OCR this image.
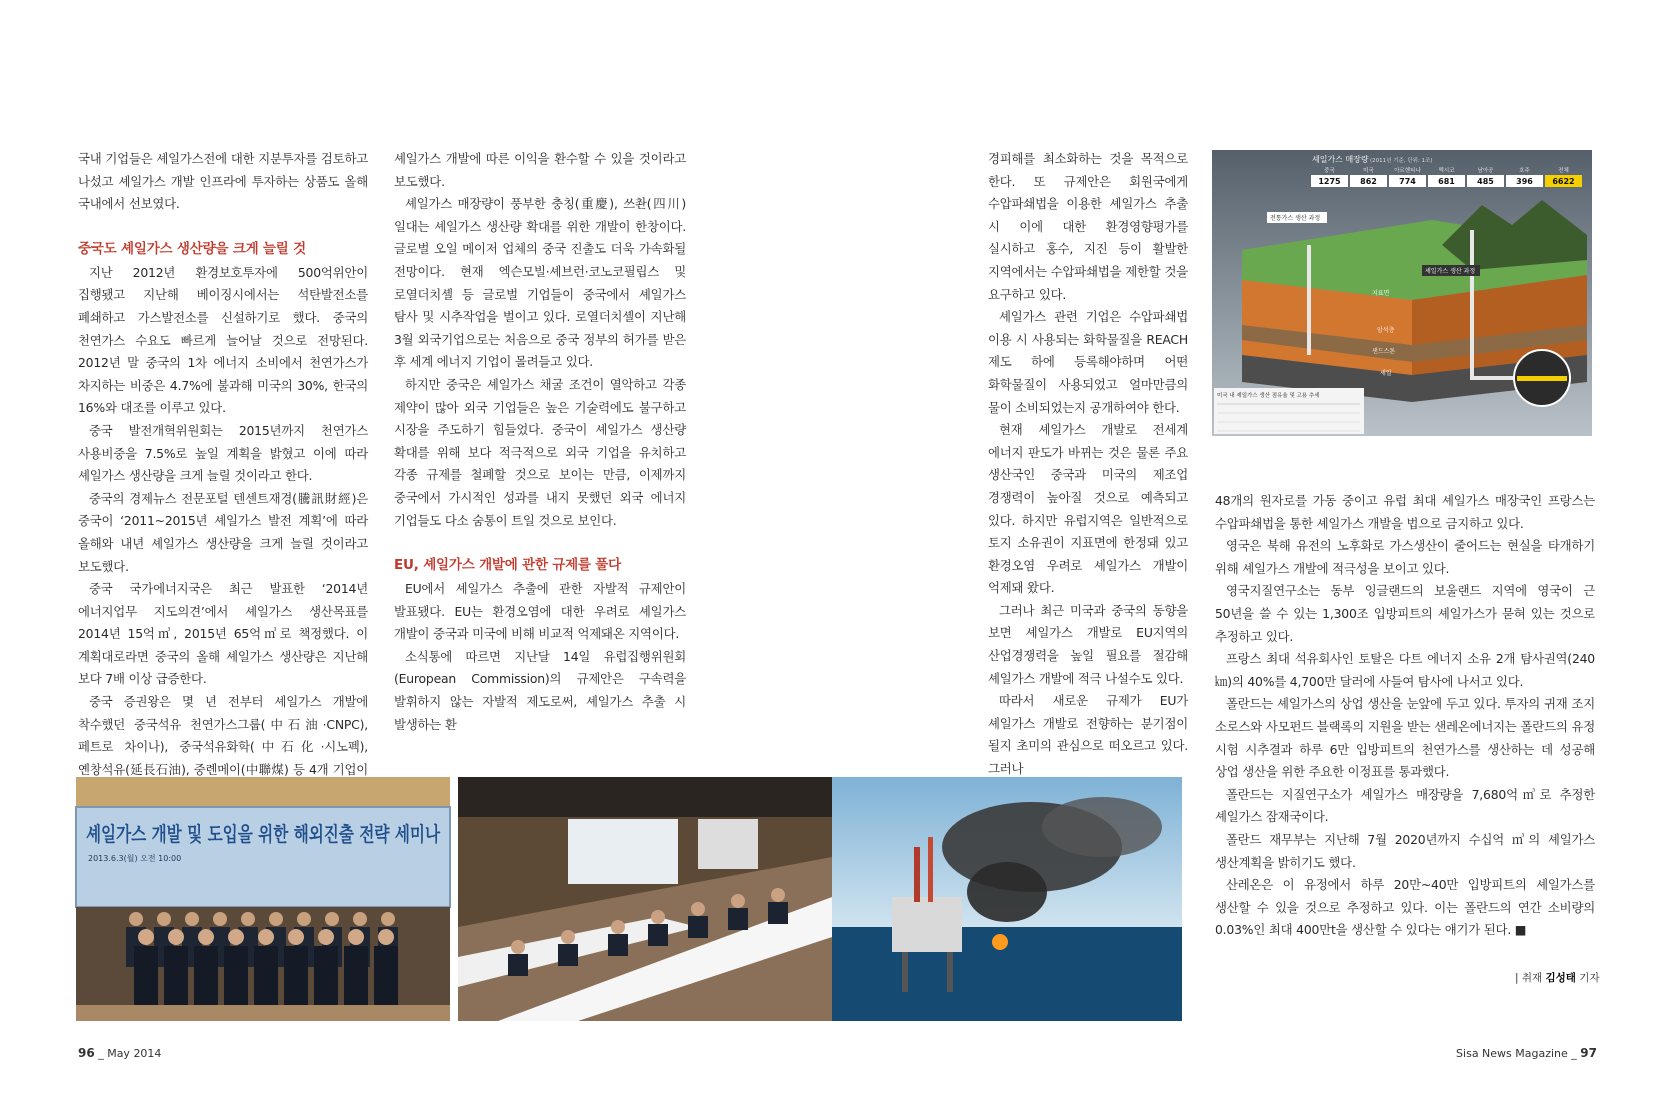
국내 기업들은 셰일가스전에 대한 지분투자를 검토하고 나섰고 셰일가스 개발 인프라에 투자하는 상품도 올해 국내에서 선보였다.

중국도 셰일가스 생산량을 크게 늘릴 것

지난 2012년 환경보호투자에 500억위안이 집행됐고 지난해 베이징시에서는 석탄발전소를 폐쇄하고 가스발전소를 신설하기로 했다. 중국의 천연가스 수요도 빠르게 늘어날 것으로 전망된다. 2012년 말 중국의 1차 에너지 소비에서 천연가스가 차지하는 비중은 4.7%에 불과해 미국의 30%, 한국의 16%와 대조를 이루고 있다.

중국 발전개혁위원회는 2015년까지 천연가스 사용비중을 7.5%로 높일 계획을 밝혔고 이에 따라 셰일가스 생산량을 크게 늘릴 것이라고 한다.

중국의 경제뉴스 전문포털 텐센트재경(騰訊財經)은 중국이 ‘2011~2015년 셰일가스 발전 계획’에 따라 올해와 내년 셰일가스 생산량을 크게 늘릴 것이라고 보도했다.

중국 국가에너지국은 최근 발표한 ‘2014년 에너지업무 지도의견’에서 셰일가스 생산목표를 2014년 15억㎥, 2015년 65억㎥로 책정했다. 이 계획대로라면 중국의 올해 셰일가스 생산량은 지난해 보다 7배 이상 급증한다.

중국 증권왕은 몇 년 전부터 셰일가스 개발에 착수했던 중국석유 천연가스그룹(中石油·CNPC), 페트로 차이나), 중국석유화학(中石化·시노펙), 옌창석유(延長石油), 중롄메이(中聯煤) 등 4개 기업이

셰일가스 개발에 따른 이익을 환수할 수 있을 것이라고 보도했다.

셰일가스 매장량이 풍부한 충칭(重慶), 쓰촨(四川) 일대는 셰일가스 생산량 확대를 위한 개발이 한창이다. 글로벌 오일 메이저 업체의 중국 진출도 더욱 가속화될 전망이다. 현재 엑슨모빌·셰브런·코노코필립스 및 로열더치셸 등 글로벌 기업들이 중국에서 셰일가스 탐사 및 시추작업을 벌이고 있다. 로열더치셸이 지난해 3월 외국기업으로는 처음으로 중국 정부의 허가를 받은 후 세계 에너지 기업이 몰려들고 있다.

하지만 중국은 셰일가스 채굴 조건이 열악하고 각종 제약이 많아 외국 기업들은 높은 기술력에도 불구하고 시장을 주도하기 힘들었다. 중국이 셰일가스 생산량 확대를 위해 보다 적극적으로 외국 기업을 유치하고 각종 규제를 철폐할 것으로 보이는 만큼, 이제까지 중국에서 가시적인 성과를 내지 못했던 외국 에너지 기업들도 다소 숨통이 트일 것으로 보인다.

EU, 셰일가스 개발에 관한 규제를 풀다

EU에서 셰일가스 추출에 관한 자발적 규제안이 발표됐다. EU는 환경오염에 대한 우려로 셰일가스 개발이 중국과 미국에 비해 비교적 억제돼온 지역이다.

소식통에 따르면 지난달 14일 유럽집행위원회(European Commission)의 규제안은 구속력을 발휘하지 않는 자발적 제도로써, 셰일가스 추출 시 발생하는 환

경피해를 최소화하는 것을 목적으로 한다. 또 규제안은 회원국에게 수압파쇄법을 이용한 셰일가스 추출 시 이에 대한 환경영향평가를 실시하고 홍수, 지진 등이 활발한 지역에서는 수압파쇄법을 제한할 것을 요구하고 있다.

셰일가스 관련 기업은 수압파쇄법 이용 시 사용되는 화학물질을 REACH 제도 하에 등록해야하며 어떤 화학물질이 사용되었고 얼마만큼의 물이 소비되었는지 공개하여야 한다.

현재 셰일가스 개발로 전세계 에너지 판도가 바뀌는 것은 물론 주요 생산국인 중국과 미국의 제조업 경쟁력이 높아질 것으로 예측되고 있다. 하지만 유럽지역은 일반적으로 토지 소유권이 지표면에 한정돼 있고 환경오염 우려로 셰일가스 개발이 억제돼 왔다.

그러나 최근 미국과 중국의 동향을 보면 셰일가스 개발로 EU지역의 산업경쟁력을 높일 필요를 절감해 셰일가스 개발에 적극 나설수도 있다.

따라서 새로운 규제가 EU가 셰일가스 개발로 전향하는 분기점이 될지 초미의 관심으로 떠오르고 있다. 그러나

셰일가스 매장량 (2011년 기준, 단위: 1조)
중국
1275
미국
862
아르헨티나
774
멕시코
681
남아공
485
호주
396
전체
6622
전통가스 생산 과정
셰일가스 생산 과정
지표면
암석층
샌드스톤
셰일
미국 내 셰일가스 생산 점유율 및 고용 추세

48개의 원자로를 가동 중이고 유럽 최대 셰일가스 매장국인 프랑스는 수압파쇄법을 통한 셰일가스 개발을 법으로 금지하고 있다.

영국은 북해 유전의 노후화로 가스생산이 줄어드는 현실을 타개하기 위해 셰일가스 개발에 적극성을 보이고 있다.

영국지질연구소는 동부 잉글랜드의 보울랜드 지역에 영국이 근 50년을 쓸 수 있는 1,300조 입방피트의 셰일가스가 묻혀 있는 것으로 추정하고 있다.

프랑스 최대 석유회사인 토탈은 다트 에너지 소유 2개 탐사권역(240㎞)의 40%를 4,700만 달러에 사들여 탐사에 나서고 있다.

폴란드는 셰일가스의 상업 생산을 눈앞에 두고 있다. 투자의 귀재 조지 소로스와 사모펀드 블랙록의 지원을 받는 샌레온에너지는 폴란드의 유정 시험 시추결과 하루 6만 입방피트의 천연가스를 생산하는 데 성공해 상업 생산을 위한 주요한 이정표를 통과했다.

폴란드는 지질연구소가 셰일가스 매장량을 7,680억㎥로 추정한 셰일가스 잠재국이다.

폴란드 재무부는 지난해 7월 2020년까지 수십억 ㎥의 셰일가스 생산계획을 밝히기도 했다.

산레온은 이 유정에서 하루 20만~40만 입방피트의 셰일가스를 생산할 수 있을 것으로 추정하고 있다. 이는 폴란드의 연간 소비량의 0.03%인 최대 400만t을 생산할 수 있다는 얘기가 된다. ■

| 취재 김성태 기자
셰일가스 개발 및 도입을 위한 해외진출 전략 세미나
2013.6.3(월) 오전 10:00
96 _ May 2014	Sisa News Magazine _ 97
